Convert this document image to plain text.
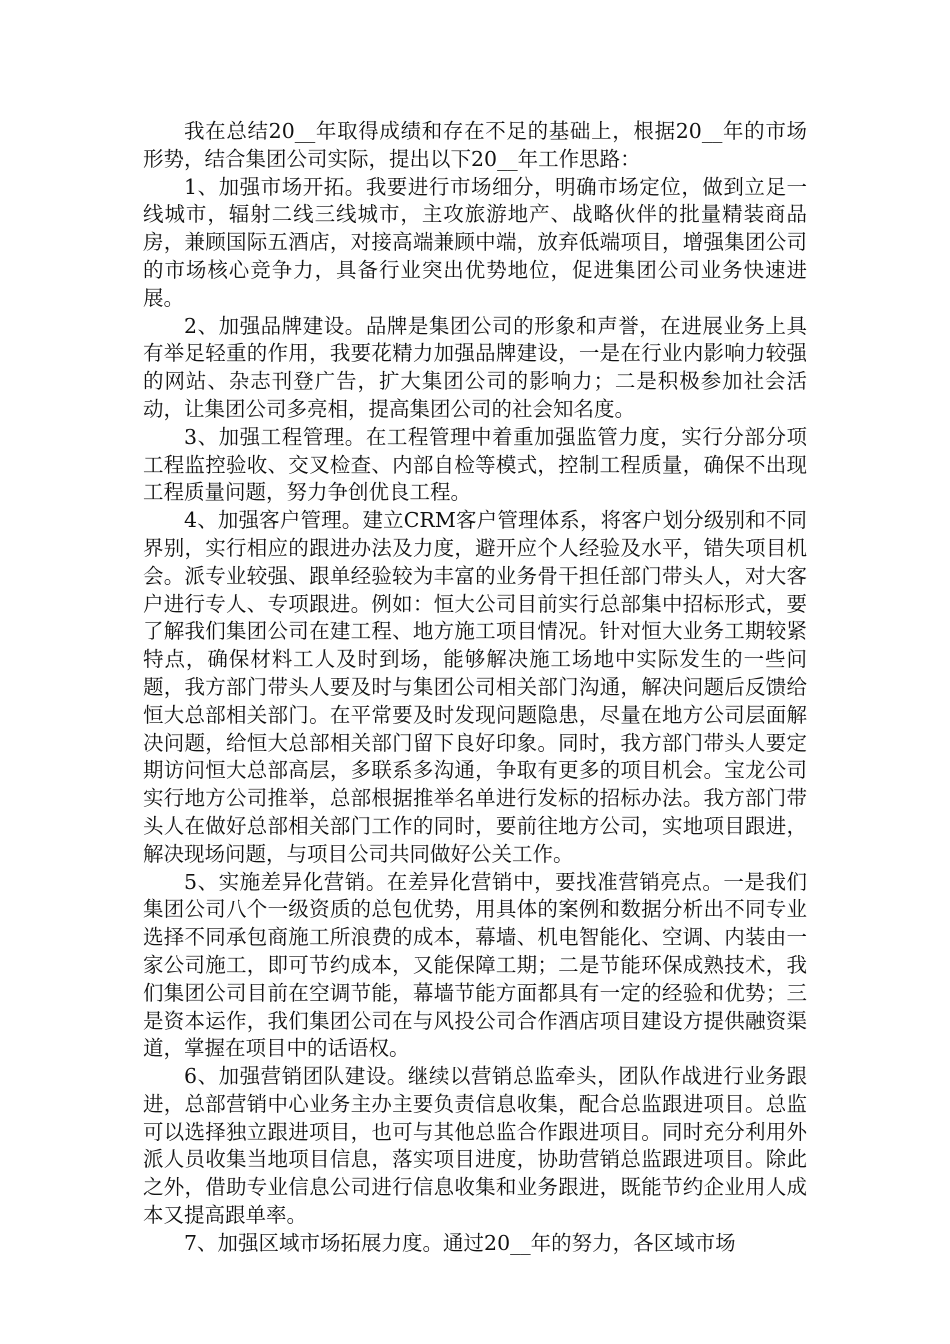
我在总结20__年取得成绩和存在不足的基础上，根据20__年的市场形势，结合集团公司实际，提出以下20__年工作思路：

1、加强市场开拓。我要进行市场细分，明确市场定位，做到立足一线城市，辐射二线三线城市，主攻旅游地产、战略伙伴的批量精装商品房，兼顾国际五酒店，对接高端兼顾中端，放弃低端项目，增强集团公司的市场核心竞争力，具备行业突出优势地位，促进集团公司业务快速进展。

2、加强品牌建设。品牌是集团公司的形象和声誉，在进展业务上具有举足轻重的作用，我要花精力加强品牌建设，一是在行业内影响力较强的网站、杂志刊登广告，扩大集团公司的影响力；二是积极参加社会活动，让集团公司多亮相，提高集团公司的社会知名度。

3、加强工程管理。在工程管理中着重加强监管力度，实行分部分项工程监控验收、交叉检查、内部自检等模式，控制工程质量，确保不出现工程质量问题，努力争创优良工程。

4、加强客户管理。建立CRM客户管理体系，将客户划分级别和不同界别，实行相应的跟进办法及力度，避开应个人经验及水平，错失项目机会。派专业较强、跟单经验较为丰富的业务骨干担任部门带头人，对大客户进行专人、专项跟进。例如：恒大公司目前实行总部集中招标形式，要了解我们集团公司在建工程、地方施工项目情况。针对恒大业务工期较紧特点，确保材料工人及时到场，能够解决施工场地中实际发生的一些问题，我方部门带头人要及时与集团公司相关部门沟通，解决问题后反馈给恒大总部相关部门。在平常要及时发现问题隐患，尽量在地方公司层面解决问题，给恒大总部相关部门留下良好印象。同时，我方部门带头人要定期访问恒大总部高层，多联系多沟通，争取有更多的项目机会。宝龙公司实行地方公司推举，总部根据推举名单进行发标的招标办法。我方部门带头人在做好总部相关部门工作的同时，要前往地方公司，实地项目跟进，解决现场问题，与项目公司共同做好公关工作。

5、实施差异化营销。在差异化营销中，要找准营销亮点。一是我们集团公司八个一级资质的总包优势，用具体的案例和数据分析出不同专业选择不同承包商施工所浪费的成本，幕墙、机电智能化、空调、内装由一家公司施工，即可节约成本，又能保障工期；二是节能环保成熟技术，我们集团公司目前在空调节能，幕墙节能方面都具有一定的经验和优势；三是资本运作，我们集团公司在与风投公司合作酒店项目建设方提供融资渠道，掌握在项目中的话语权。

6、加强营销团队建设。继续以营销总监牵头，团队作战进行业务跟进，总部营销中心业务主办主要负责信息收集，配合总监跟进项目。总监可以选择独立跟进项目，也可与其他总监合作跟进项目。同时充分利用外派人员收集当地项目信息，落实项目进度，协助营销总监跟进项目。除此之外，借助专业信息公司进行信息收集和业务跟进，既能节约企业用人成本又提高跟单率。

7、加强区域市场拓展力度。通过20__年的努力，各区域市场
